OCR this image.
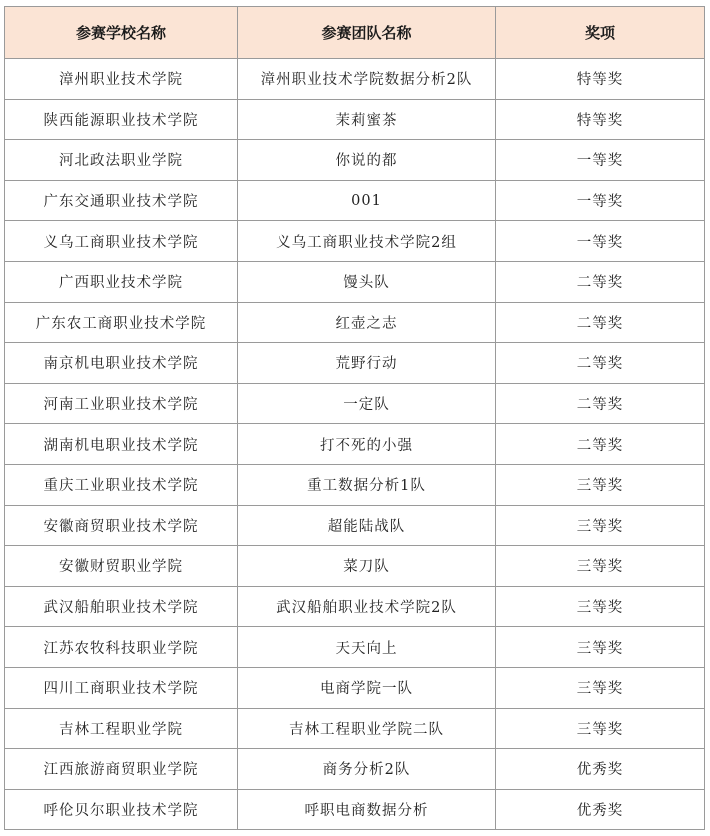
参赛学校名称	参赛团队名称	奖项
漳州职业技术学院	漳州职业技术学院数据分析2队	特等奖
陕西能源职业技术学院	茉莉蜜茶	特等奖
河北政法职业学院	你说的都	一等奖
广东交通职业技术学院	001	一等奖
义乌工商职业技术学院	义乌工商职业技术学院2组	一等奖
广西职业技术学院	馒头队	二等奖
广东农工商职业技术学院	红壶之志	二等奖
南京机电职业技术学院	荒野行动	二等奖
河南工业职业技术学院	一定队	二等奖
湖南机电职业技术学院	打不死的小强	二等奖
重庆工业职业技术学院	重工数据分析1队	三等奖
安徽商贸职业技术学院	超能陆战队	三等奖
安徽财贸职业学院	菜刀队	三等奖
武汉船舶职业技术学院	武汉船舶职业技术学院2队	三等奖
江苏农牧科技职业学院	天天向上	三等奖
四川工商职业技术学院	电商学院一队	三等奖
吉林工程职业学院	吉林工程职业学院二队	三等奖
江西旅游商贸职业学院	商务分析2队	优秀奖
呼伦贝尔职业技术学院	呼职电商数据分析	优秀奖
